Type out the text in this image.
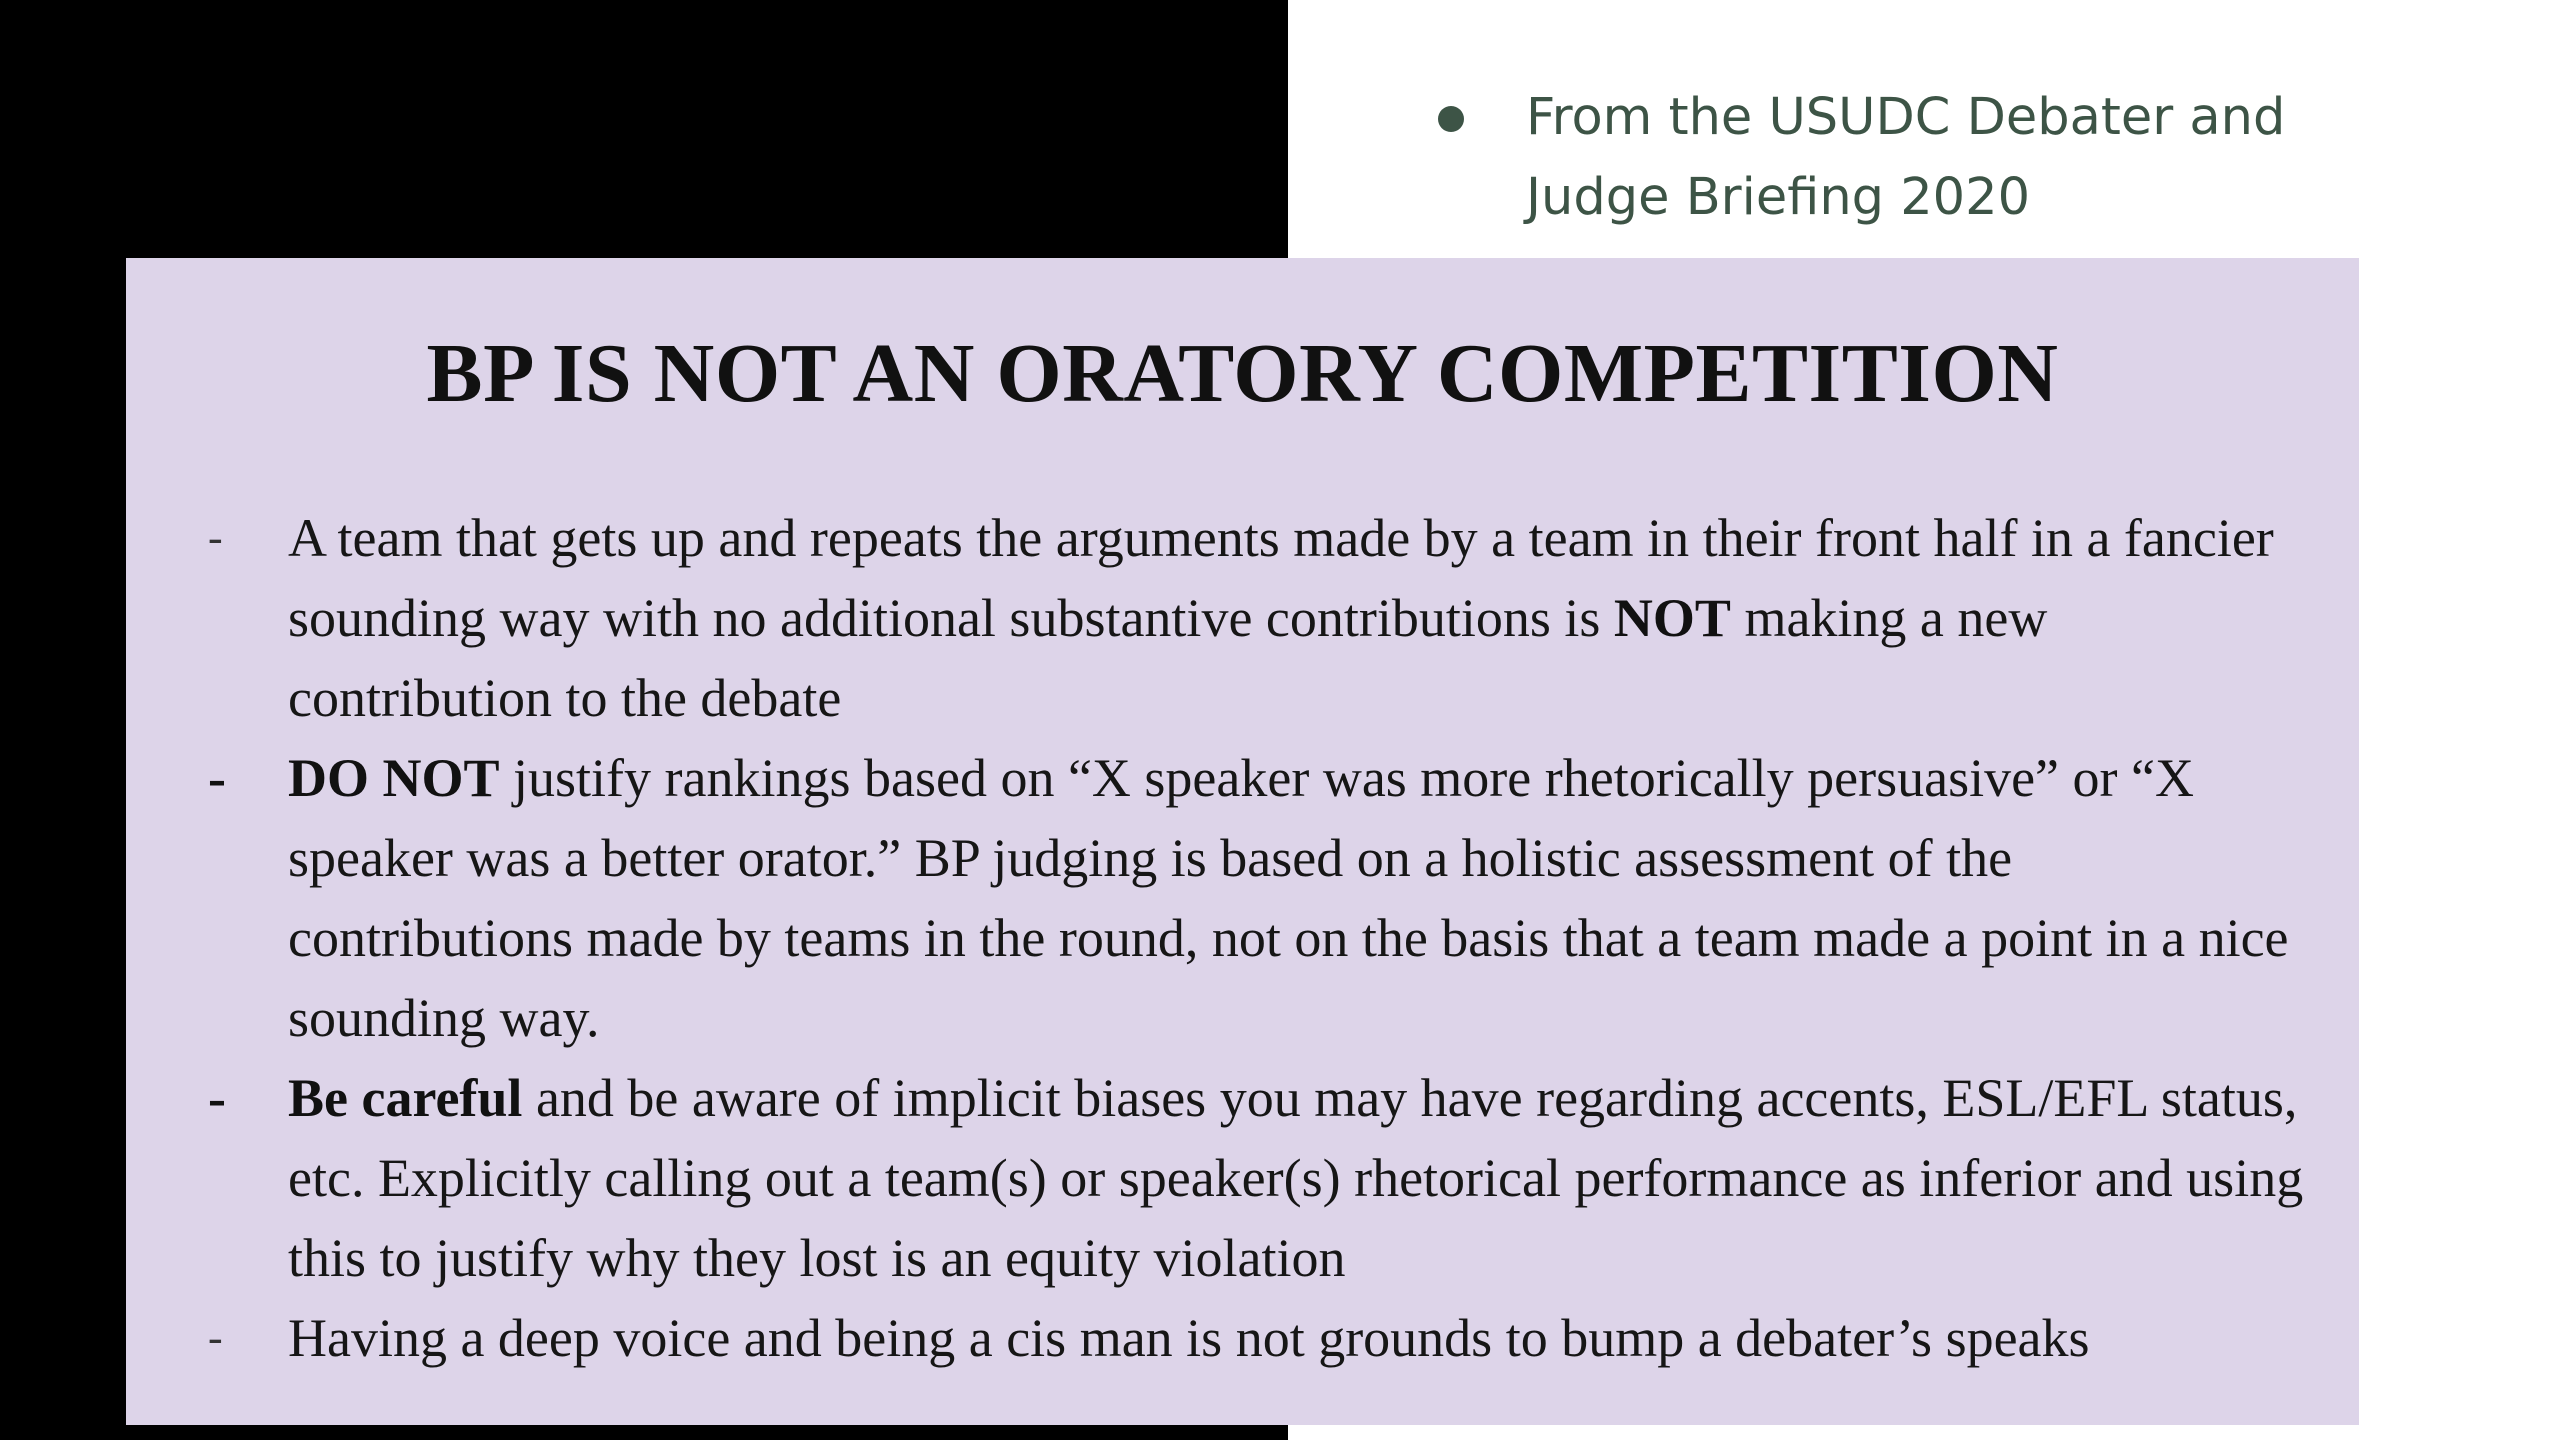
From the USUDC Debater and Judge Briefing 2020
BP IS NOT AN ORATORY COMPETITION
-	A team that gets up and repeats the arguments made by a team in their front half in a fancier sounding way with no additional substantive contributions is NOT making a new contribution to the debate
-	DO NOT justify rankings based on “X speaker was more rhetorically persuasive” or “X speaker was a better orator.” BP judging is based on a holistic assessment of the contributions made by teams in the round, not on the basis that a team made a point in a nice sounding way.
-	Be careful and be aware of implicit biases you may have regarding accents, ESL/EFL status, etc. Explicitly calling out a team(s) or speaker(s) rhetorical performance as inferior and using this to justify why they lost is an equity violation
-	Having a deep voice and being a cis man is not grounds to bump a debater’s speaks
